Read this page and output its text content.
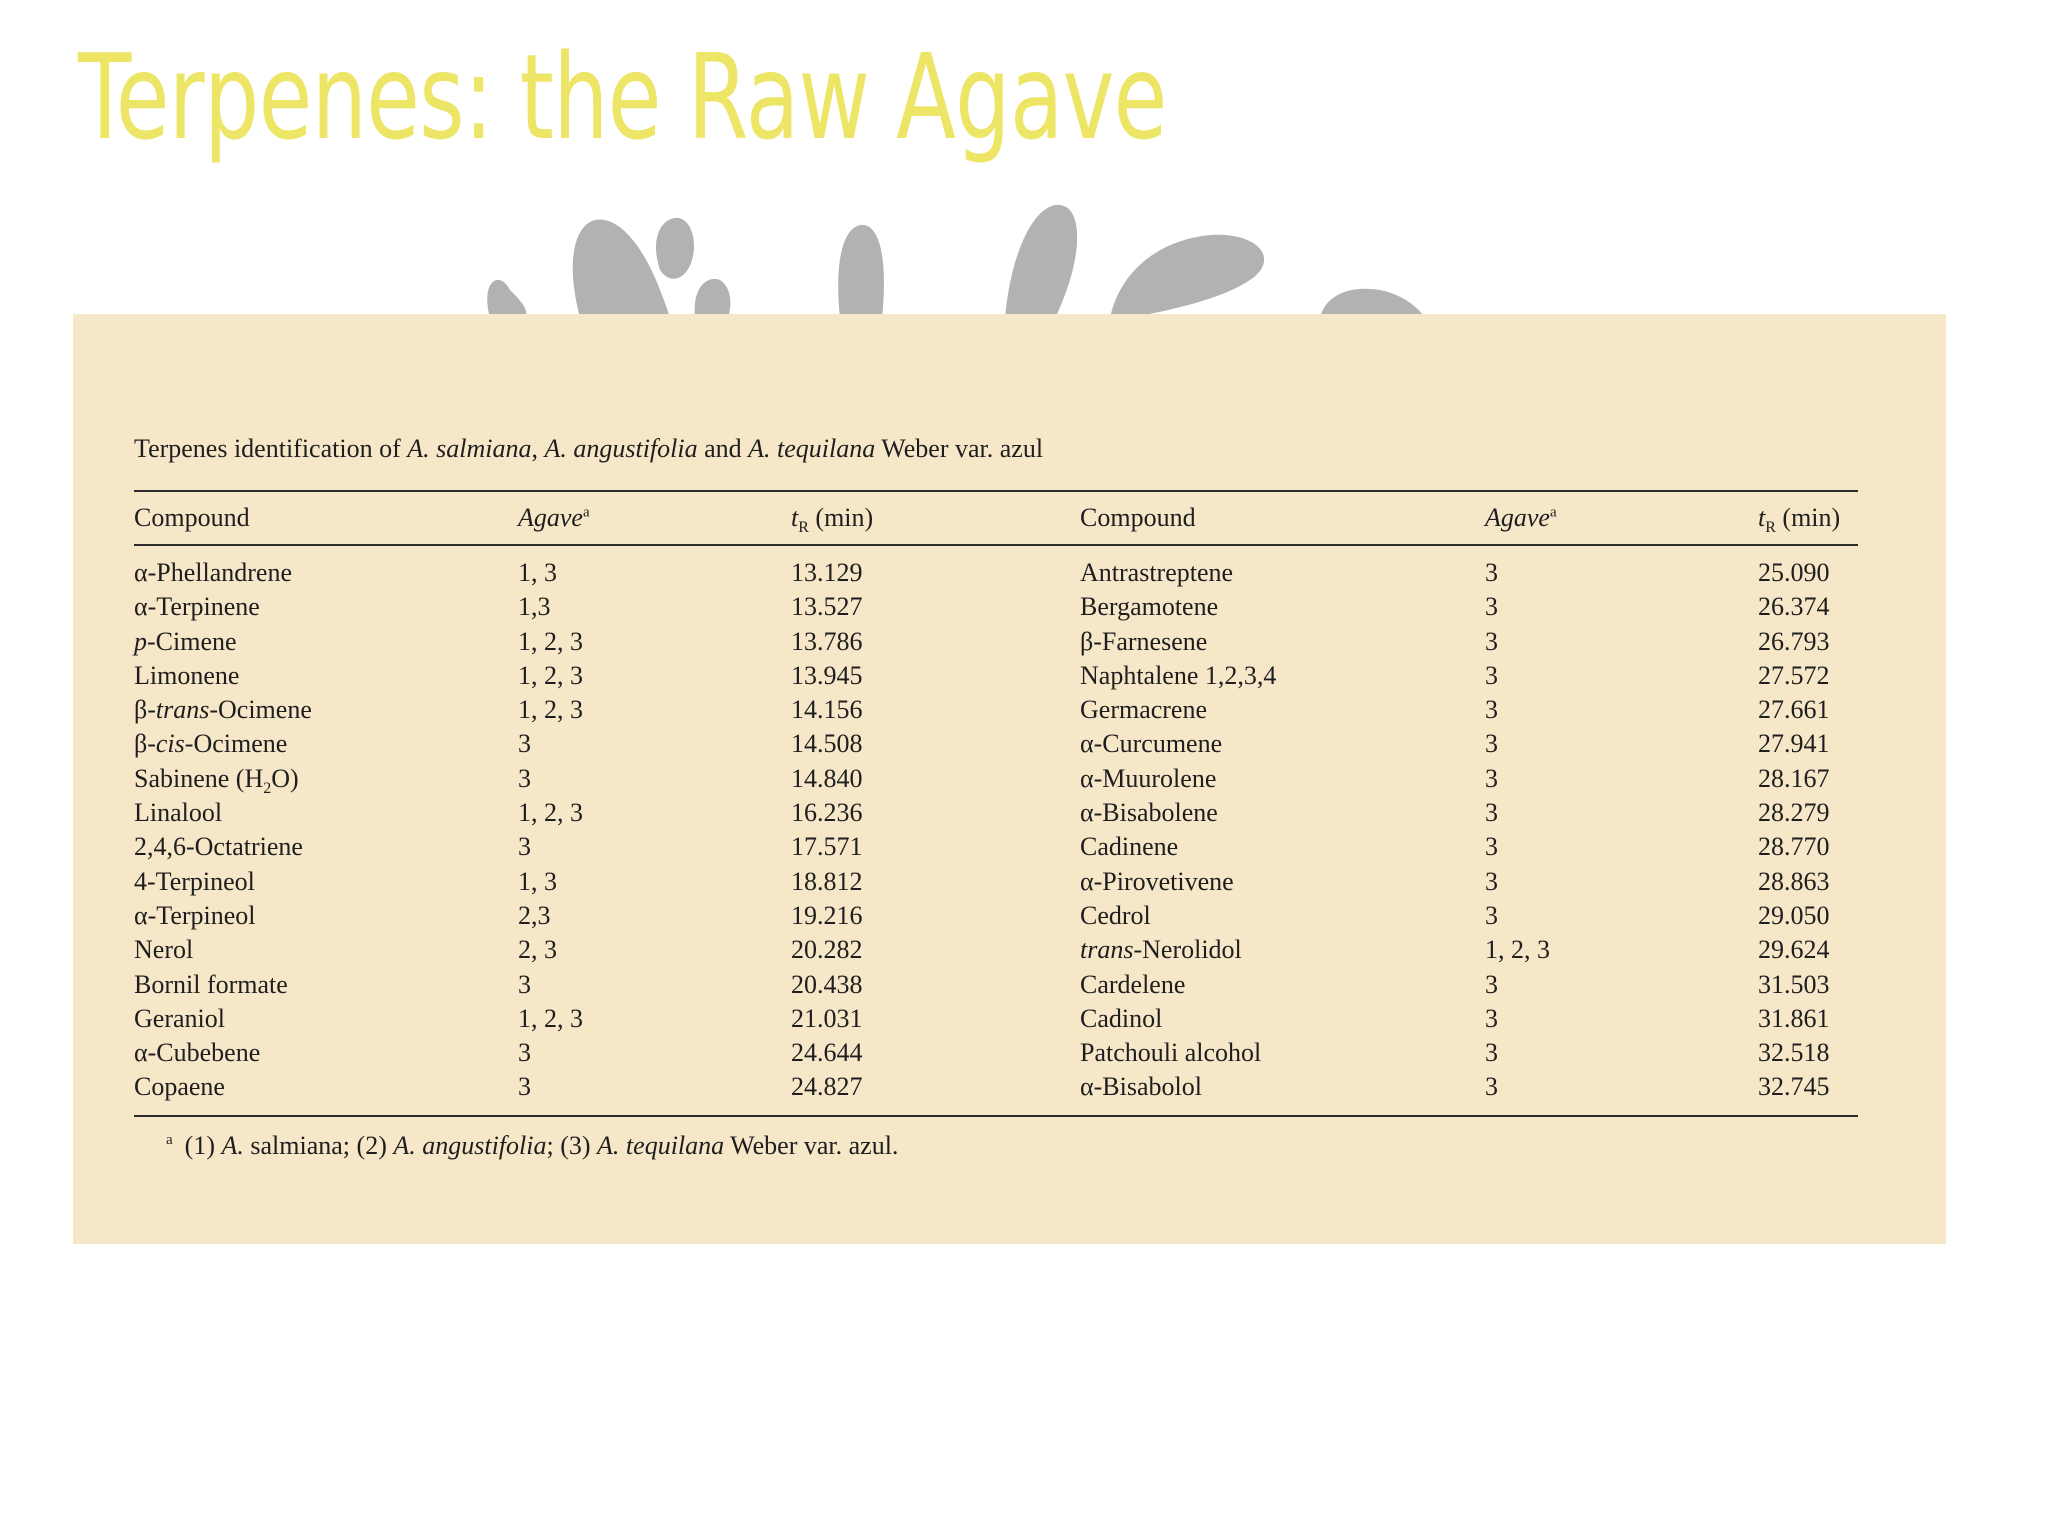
Terpenes: the Raw Agave
Terpenes identification of A. salmiana, A. angustifolia and A. tequilana Weber var. azul
Compound	Agave$^a$	$t_R$ (min)	Compound	Agave$^a$	$t_R$ (min)
α-Phellandrene	1, 3	13.129	Antrastreptene	3	25.090
α-Terpinene	1,3	13.527	Bergamotene	3	26.374
p-Cimene	1, 2, 3	13.786	β-Farnesene	3	26.793
Limonene	1, 2, 3	13.945	Naphtalene 1,2,3,4	3	27.572
β-trans-Ocimene	1, 2, 3	14.156	Germacrene	3	27.661
β-cis-Ocimene	3	14.508	α-Curcumene	3	27.941
Sabinene $(H_2O)$	3	14.840	α-Muurolene	3	28.167
Linalool	1, 2, 3	16.236	α-Bisabolene	3	28.279
2,4,6-Octatriene	3	17.571	Cadinene	3	28.770
4-Terpineol	1, 3	18.812	α-Pirovetivene	3	28.863
α-Terpineol	2,3	19.216	Cedrol	3	29.050
Nerol	2, 3	20.282	trans-Nerolidol	1, 2, 3	29.624
Bornil formate	3	20.438	Cardelene	3	31.503
Geraniol	1, 2, 3	21.031	Cadinol	3	31.861
α-Cubebene	3	24.644	Patchouli alcohol	3	32.518
Copaene	3	24.827	α-Bisabolol	3	32.745
$^a$ (1) A. salmiana; (2) A. angustifolia; (3) A. tequilana Weber var. azul.
